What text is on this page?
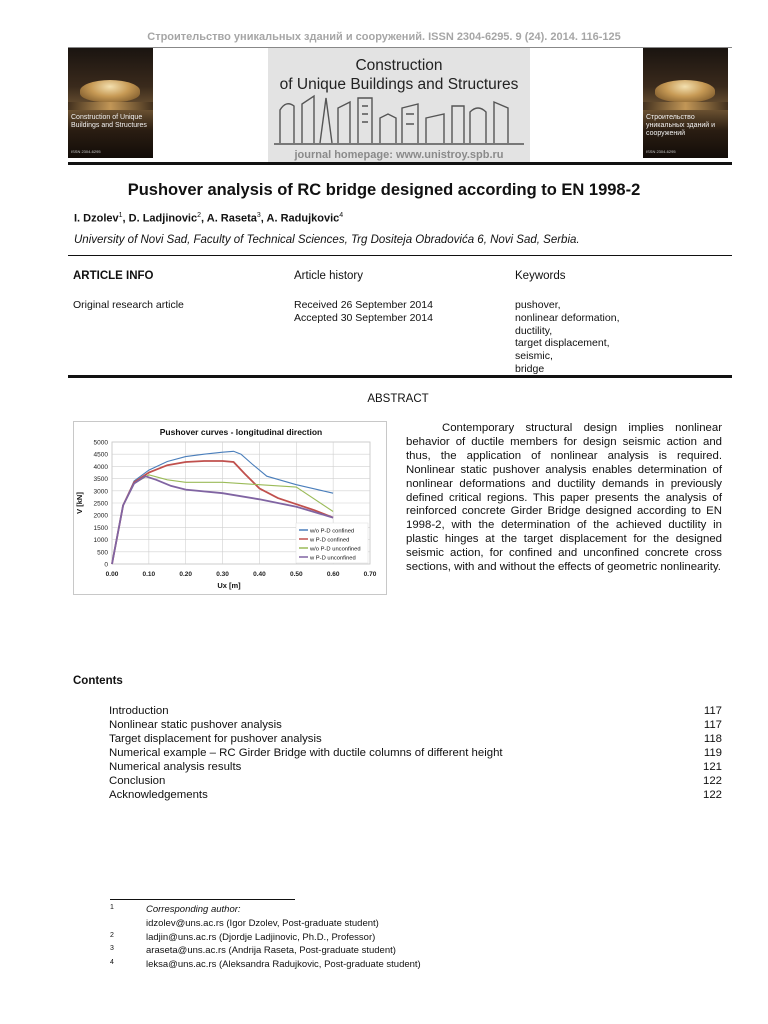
Строительство уникальных зданий и сооружений. ISSN 2304-6295. 9 (24). 2014. 116-125
Construction of Unique Buildings and Structures
ISSN 2304-6295
Construction
of Unique Buildings and Structures
journal homepage: www.unistroy.spb.ru
Строительство уникальных зданий и сооружений
ISSN 2304-6295
Pushover analysis of RC bridge designed according to EN 1998-2
I. Dzolev$^1$, D. Ladjinovic$^2$, A. Raseta$^3$, A. Radujkovic$^4$
University of Novi Sad, Faculty of Technical Sciences, Trg Dositeja Obradovića 6, Novi Sad, Serbia.
ARTICLE INFO
Original research article
Article history
Received 26 September 2014
Accepted 30 September 2014
Keywords
pushover,
nonlinear deformation,
ductility,
target displacement,
seismic,
bridge
ABSTRACT
0
500
1000
1500
2000
2500
3000
3500
4000
4500
5000
0.00	0.10	0.20	0.30	0.40	0.50	0.60	0.70
Pushover curves - longitudinal direction
Ux [m]
V [kN]
w/o P-D confined
w P-D confined
w/o P-D unconfined
w P-D unconfined
Contemporary structural design implies nonlinear behavior of ductile members for design seismic action and thus, the application of nonlinear analysis is required. Nonlinear static pushover analysis enables determination of nonlinear deformations and ductility demands in previously defined critical regions. This paper presents the analysis of reinforced concrete Girder Bridge designed according to EN 1998-2, with the determination of the achieved ductility in plastic hinges at the target displacement for the designed seismic action, for confined and unconfined concrete cross sections, with and without the effects of geometric nonlinearity.
Contents
Introduction	117
Nonlinear static pushover analysis	117
Target displacement for pushover analysis	118
Numerical example – RC Girder Bridge with ductile columns of different height	119
Numerical analysis results	121
Conclusion	122
Acknowledgements	122
1	Corresponding author:
idzolev@uns.ac.rs (Igor Dzolev, Post-graduate student)
2	ladjin@uns.ac.rs (Djordje Ladjinovic, Ph.D., Professor)
3	araseta@uns.ac.rs (Andrija Raseta, Post-graduate student)
4	leksa@uns.ac.rs (Aleksandra Radujkovic, Post-graduate student)
